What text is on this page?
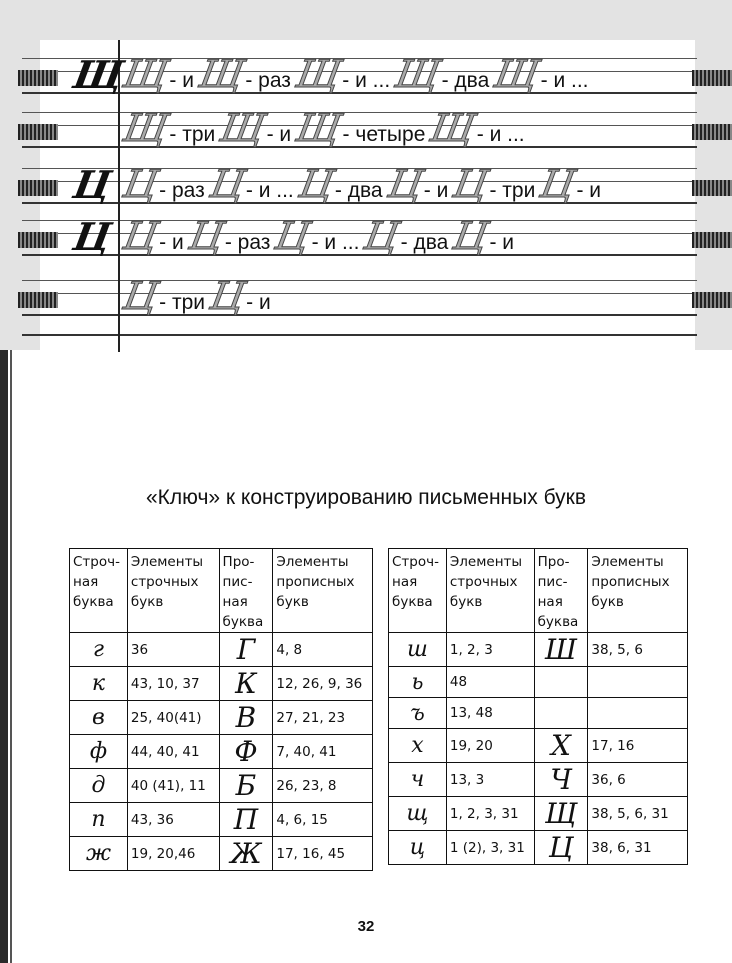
Щ
Щ - и Щ - раз Щ - и ... Щ - два Щ - и ...
Щ - три Щ - и Щ - четыре Щ - и ...
Ц Ц - раз Ц - и ... Ц - два Ц - и Ц - три Ц - и
Ц Ц - и Ц - раз Ц - и ... Ц - два Ц - и
Ц - три Ц - и
«Ключ» к конструированию письменных букв
Строч-ная буква	Элементы строчных букв	Про-пис-ная буква	Элементы прописных букв
г	36	Г	4, 8
к	43, 10, 37	К	12, 26, 9, 36
в	25, 40(41)	В	27, 21, 23
ф	44, 40, 41	Ф	7, 40, 41
д	40 (41), 11	Б	26, 23, 8
п	43, 36	П	4, 6, 15
ж	19, 20,46	Ж	17, 16, 45
Строч-ная буква	Элементы строчных букв	Про-пис-ная буква	Элементы прописных букв
ш	1, 2, 3	Ш	38, 5, 6
ь	48		
ъ	13, 48		
х	19, 20	Х	17, 16
ч	13, 3	Ч	36, 6
щ	1, 2, 3, 31	Щ	38, 5, 6, 31
ц	1 (2), 3, 31	Ц	38, 6, 31
32
